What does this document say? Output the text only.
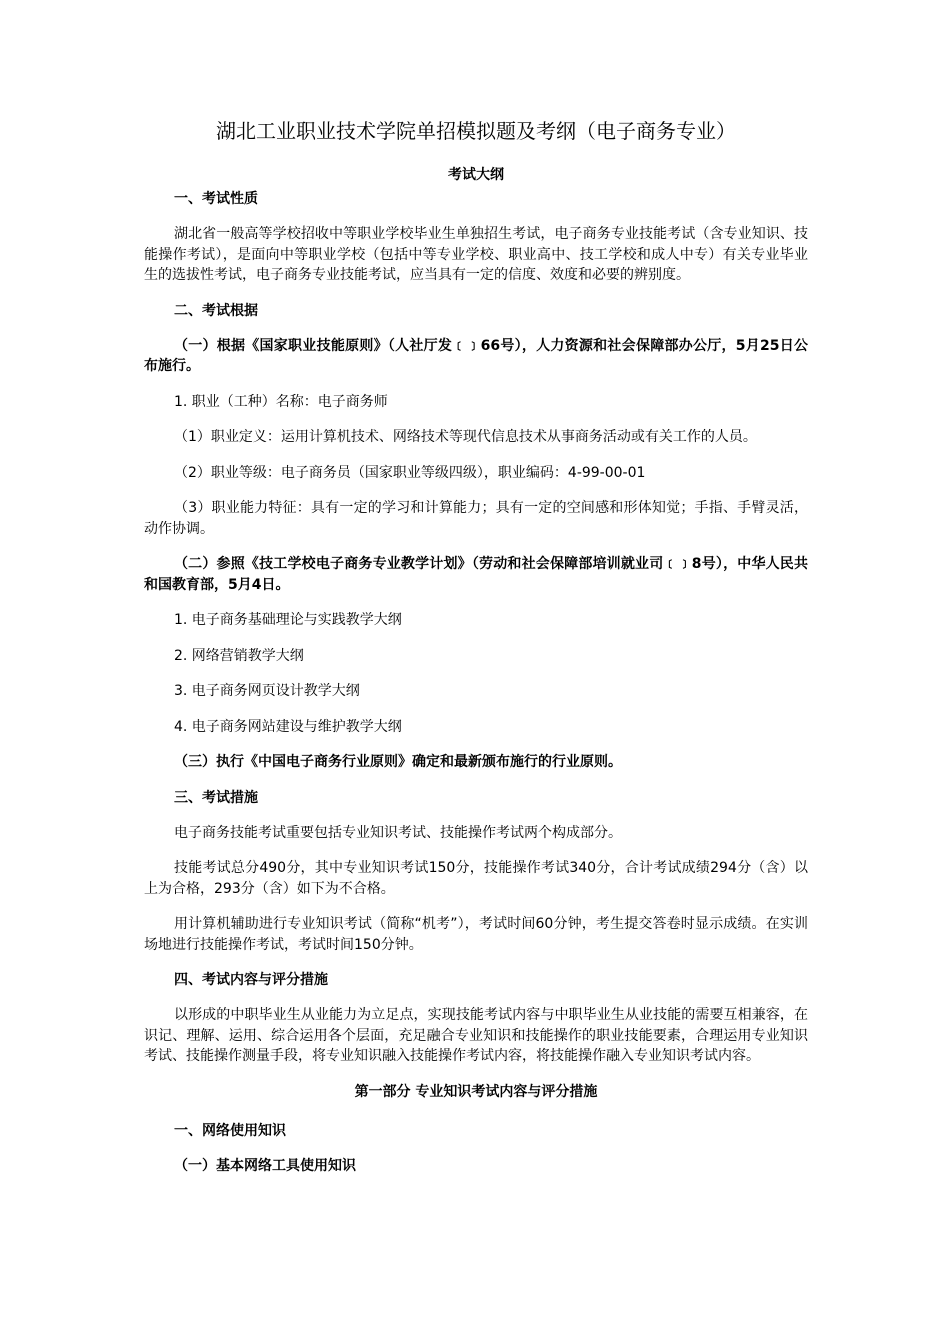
湖北工业职业技术学院单招模拟题及考纲（电子商务专业）
考试大纲
一、考试性质

湖北省一般高等学校招收中等职业学校毕业生单独招生考试，电子商务专业技能考试（含专业知识、技能操作考试），是面向中等职业学校（包括中等专业学校、职业高中、技工学校和成人中专）有关专业毕业生的选拔性考试，电子商务专业技能考试，应当具有一定的信度、效度和必要的辨别度。

二、考试根据

（一）根据《国家职业技能原则》（人社厅发﹝﹞66号），人力资源和社会保障部办公厅，5月25日公布施行。

1. 职业（工种）名称：电子商务师

（1）职业定义：运用计算机技术、网络技术等现代信息技术从事商务活动或有关工作的人员。

（2）职业等级：电子商务员（国家职业等级四级），职业编码：4-99-00-01

（3）职业能力特征：具有一定的学习和计算能力；具有一定的空间感和形体知觉；手指、手臂灵活，动作协调。

（二）参照《技工学校电子商务专业教学计划》（劳动和社会保障部培训就业司﹝﹞8号），中华人民共和国教育部，5月4日。

1. 电子商务基础理论与实践教学大纲

2. 网络营销教学大纲

3. 电子商务网页设计教学大纲

4. 电子商务网站建设与维护教学大纲

（三）执行《中国电子商务行业原则》确定和最新颁布施行的行业原则。

三、考试措施

电子商务技能考试重要包括专业知识考试、技能操作考试两个构成部分。

技能考试总分490分，其中专业知识考试150分，技能操作考试340分，合计考试成绩294分（含）以上为合格，293分（含）如下为不合格。

用计算机辅助进行专业知识考试（简称“机考”），考试时间60分钟，考生提交答卷时显示成绩。在实训场地进行技能操作考试，考试时间150分钟。

四、考试内容与评分措施

以形成的中职毕业生从业能力为立足点，实现技能考试内容与中职毕业生从业技能的需要互相兼容，在识记、理解、运用、综合运用各个层面，充足融合专业知识和技能操作的职业技能要素，合理运用专业知识考试、技能操作测量手段，将专业知识融入技能操作考试内容，将技能操作融入专业知识考试内容。

第一部分 专业知识考试内容与评分措施
一、网络使用知识
（一）基本网络工具使用知识
